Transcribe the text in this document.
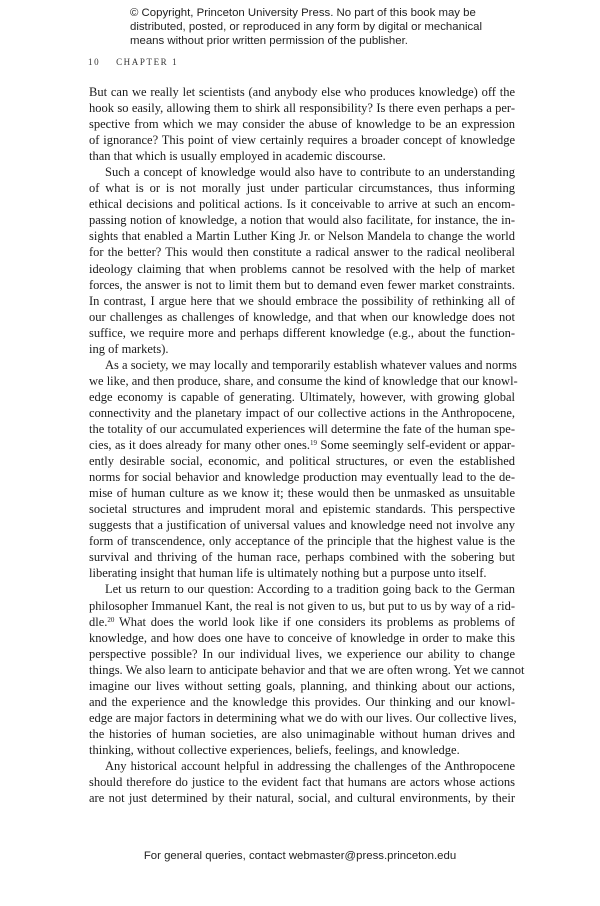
© Copyright, Princeton University Press. No part of this book may be
distributed, posted, or reproduced in any form by digital or mechanical
means without prior written permission of the publisher.
10 CHAPTER 1

But can we really let scientists (and anybody else who produces knowledge) off the
hook so easily, allowing them to shirk all responsibility? Is there even perhaps a per-
spective from which we may consider the abuse of knowledge to be an expression
of ignorance? This point of view certainly requires a broader concept of knowledge
than that which is usually employed in academic discourse.

Such a concept of knowledge would also have to contribute to an understanding
of what is or is not morally just under particular circumstances, thus informing
ethical decisions and political actions. Is it conceivable to arrive at such an encom-
passing notion of knowledge, a notion that would also facilitate, for instance, the in-
sights that enabled a Martin Luther King Jr. or Nelson Mandela to change the world
for the better? This would then constitute a radical answer to the radical neoliberal
ideology claiming that when problems cannot be resolved with the help of market
forces, the answer is not to limit them but to demand even fewer market constraints.
In contrast, I argue here that we should embrace the possibility of rethinking all of
our challenges as challenges of knowledge, and that when our knowledge does not
suffice, we require more and perhaps different knowledge (e.g., about the function-
ing of markets).

As a society, we may locally and temporarily establish whatever values and norms
we like, and then produce, share, and consume the kind of knowledge that our knowl-
edge economy is capable of generating. Ultimately, however, with growing global
connectivity and the planetary impact of our collective actions in the Anthropocene,
the totality of our accumulated experiences will determine the fate of the human spe-
cies, as it does already for many other ones.$^{19}$ Some seemingly self-evident or appar-
ently desirable social, economic, and political structures, or even the established
norms for social behavior and knowledge production may eventually lead to the de-
mise of human culture as we know it; these would then be unmasked as unsuitable
societal structures and imprudent moral and epistemic standards. This perspective
suggests that a justification of universal values and knowledge need not involve any
form of transcendence, only acceptance of the principle that the highest value is the
survival and thriving of the human race, perhaps combined with the sobering but
liberating insight that human life is ultimately nothing but a purpose unto itself.

Let us return to our question: According to a tradition going back to the German
philosopher Immanuel Kant, the real is not given to us, but put to us by way of a rid-
dle.$^{20}$ What does the world look like if one considers its problems as problems of
knowledge, and how does one have to conceive of knowledge in order to make this
perspective possible? In our individual lives, we experience our ability to change
things. We also learn to anticipate behavior and that we are often wrong. Yet we cannot
imagine our lives without setting goals, planning, and thinking about our actions,
and the experience and the knowledge this provides. Our thinking and our knowl-
edge are major factors in determining what we do with our lives. Our collective lives,
the histories of human societies, are also unimaginable without human drives and
thinking, without collective experiences, beliefs, feelings, and knowledge.

Any historical account helpful in addressing the challenges of the Anthropocene
should therefore do justice to the evident fact that humans are actors whose actions
are not just determined by their natural, social, and cultural environments, by their

For general queries, contact webmaster@press.princeton.edu
